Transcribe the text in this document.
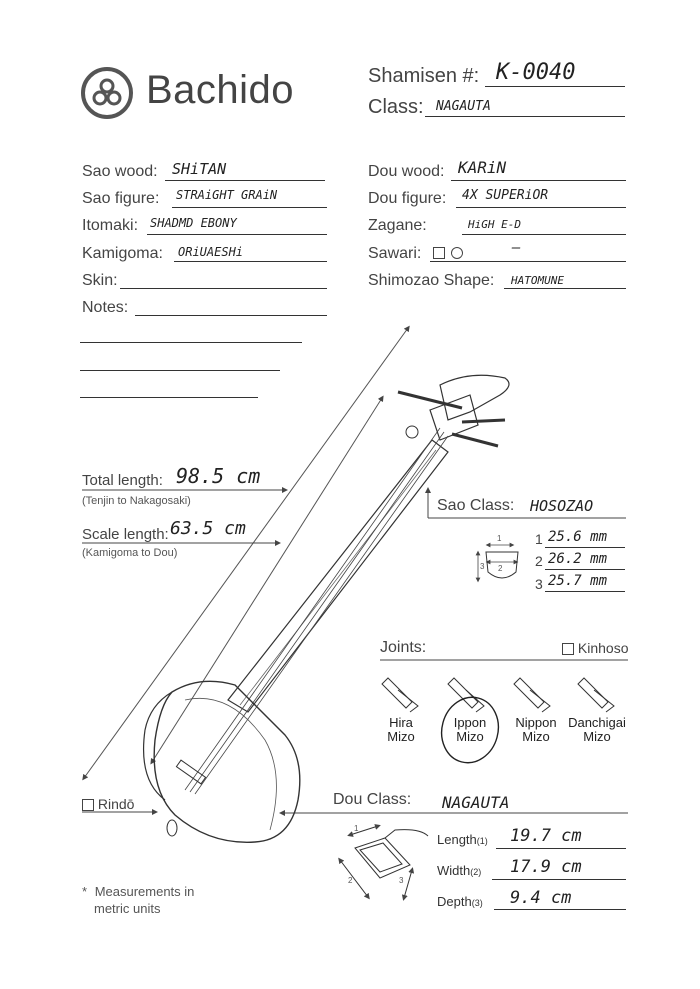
Bachido	Shamisen #: K-0040
Class: NAGAUTA
Sao wood: SHiTAN
Sao figure: STRAiGHT GRAiN
Itomaki: SHADMD EBONY
Kamigoma: ORiUAESHi
Skin:
Notes:
Dou wood: KARiN
Dou figure: 4X SUPERiOR
Zagane:	HiGH E-D
Sawari:
	—
Shimozao Shape: HATOMUNE
Total length: 98.5 cm
(Tenjin to Nakagosaki)
Scale length: 63.5 cm
(Kamigoma to Dou)
Sao Class: HOSOZAO
1
2
3
1 25.6 mm
2 26.2 mm
3 25.7 mm
Joints:	Kinhoso
Hira
Mizo
Ippon
Mizo
Nippon
Mizo
Danchigai
Mizo
Rindō	Dou Class: NAGAUTA
1
2	3
Length(1) 19.7 cm
Width(2) 17.9 cm
Depth(3) 9.4 cm
* Measurements in
metric units
